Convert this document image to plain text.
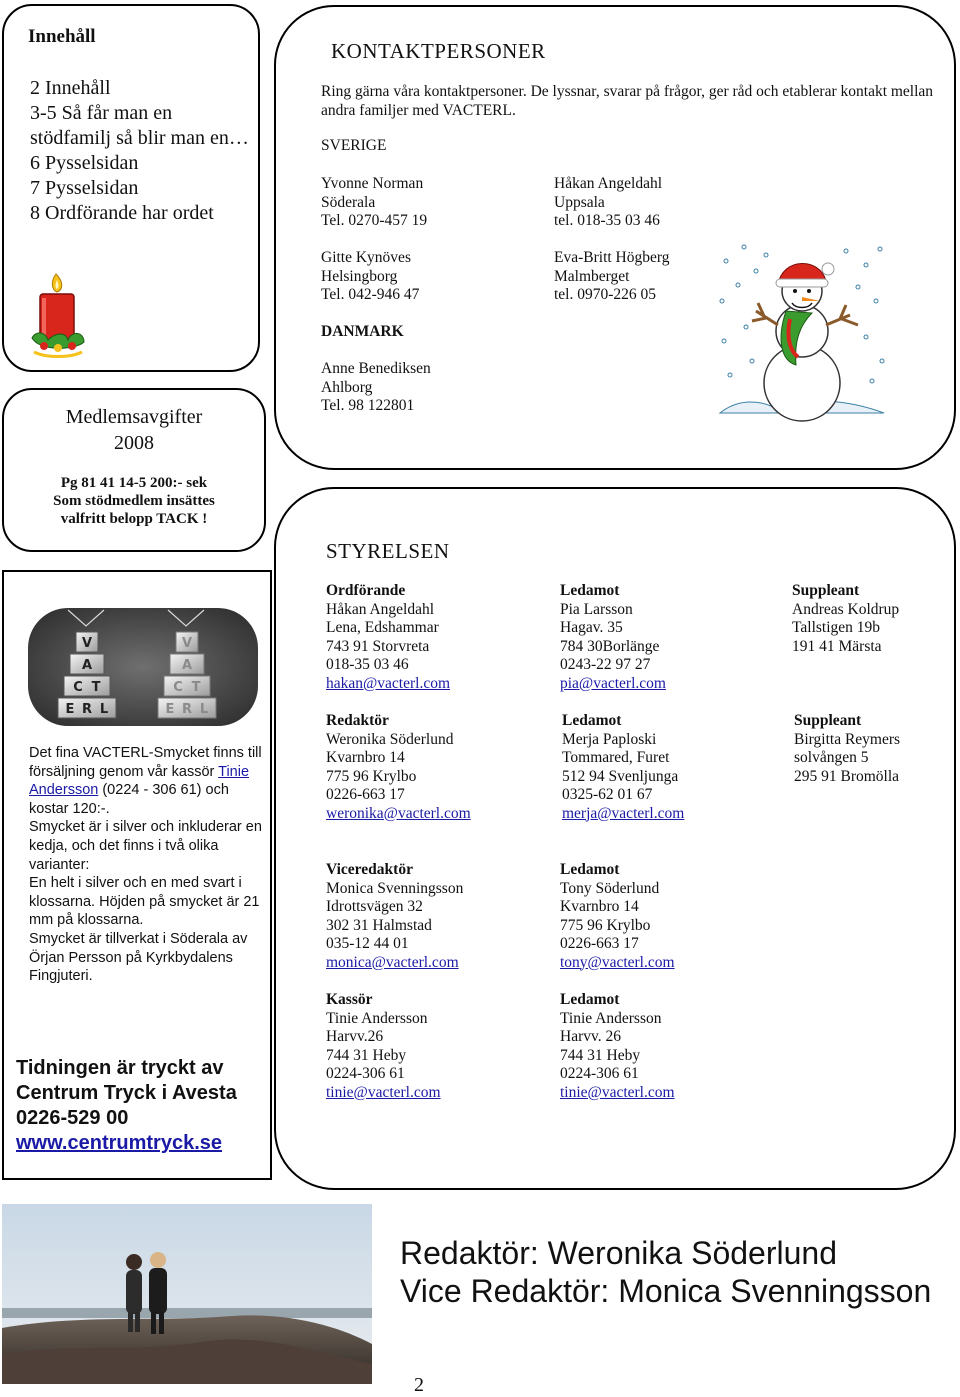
Innehåll
2 Innehåll
3-5 Så får man en stödfamilj så blir man en…
6 Pysselsidan
7 Pysselsidan
8 Ordförande har ordet
KONTAKTPERSONER
Ring gärna våra kontaktpersoner. De lyssnar, svarar på frågor, ger råd och etablerar kontakt mellan andra familjer med VACTERL.
SVERIGE
Yvonne Norman
Söderala
Tel. 0270-457 19
Håkan Angeldahl
Uppsala
tel. 018-35 03 46
Gitte Kynöves
Helsingborg
Tel. 042-946 47
Eva-Britt Högberg
Malmberget
tel. 0970-226 05
DANMARK
Anne Benediksen
Ahlborg
Tel. 98 122801
Medlemsavgifter
2008
Pg 81 41 14-5 200:- sek
Som stödmedlem insättes
valfritt belopp TACK !
STYRELSEN
Ordförande
Håkan Angeldahl
Lena, Edshammar
743 91 Storvreta
018-35 03 46
hakan@vacterl.com
Ledamot
Pia Larsson
Hagav. 35
784 30Borlänge
0243-22 97 27
pia@vacterl.com
Suppleant
Andreas Koldrup
Tallstigen 19b
191 41 Märsta
Redaktör
Weronika Söderlund
Kvarnbro 14
775 96 Krylbo
0226-663 17
weronika@vacterl.com
Ledamot
Merja Paploski
Tommared, Furet
512 94 Svenljunga
0325-62 01 67
merja@vacterl.com
Suppleant
Birgitta Reymers
solvången 5
295 91 Bromölla
Viceredaktör
Monica Svenningsson
Idrottsvägen 32
302 31 Halmstad
035-12 44 01
monica@vacterl.com
Ledamot
Tony Söderlund
Kvarnbro 14
775 96 Krylbo
0226-663 17
tony@vacterl.com
Kassör
Tinie Andersson
Harvv.26
744 31 Heby
0224-306 61
tinie@vacterl.com
Ledamot
Tinie Andersson
Harvv. 26
744 31 Heby
0224-306 61
tinie@vacterl.com
V
A
C T
E R L
V
A
C T
E R L
Det fina VACTERL-Smycket finns till försäljning genom vår kassör Tinie Andersson (0224 - 306 61) och kostar 120:-.
Smycket är i silver och inkluderar en kedja, och det finns i två olika varianter:
En helt i silver och en med svart i klossarna. Höjden på smycket är 21 mm på klossarna.
Smycket är tillverkat i Söderala av Örjan Persson på Kyrkbydalens Fingjuteri.
Tidningen är tryckt av
Centrum Tryck i Avesta
0226-529 00
www.centrumtryck.se
Redaktör: Weronika Söderlund
Vice Redaktör: Monica Svenningsson
2
